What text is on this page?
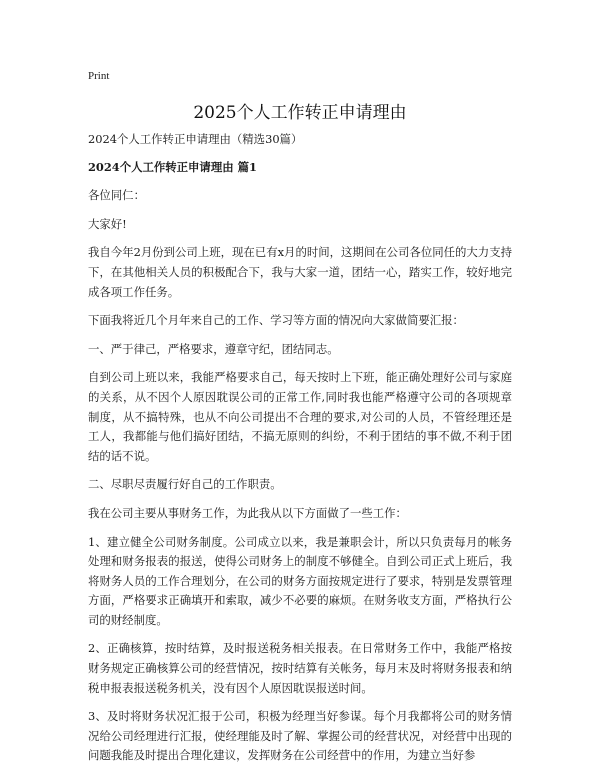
Print
2025个人工作转正申请理由

2024个人工作转正申请理由（精选30篇）

2024个人工作转正申请理由 篇1

各位同仁：

大家好!

我自今年2月份到公司上班，现在已有x月的时间，这期间在公司各位同任的大力支持下，在其他相关人员的积极配合下，我与大家一道，团结一心，踏实工作，较好地完成各项工作任务。

下面我将近几个月年来自己的工作、学习等方面的情况向大家做简要汇报：

一、严于律己，严格要求，遵章守纪，团结同志。

自到公司上班以来，我能严格要求自己，每天按时上下班，能正确处理好公司与家庭的关系，从不因个人原因耽误公司的正常工作,同时我也能严格遵守公司的各项规章制度，从不搞特殊，也从不向公司提出不合理的要求,对公司的人员，不管经理还是工人，我都能与他们搞好团结，不搞无原则的纠纷，不利于团结的事不做,不利于团结的话不说。

二、尽职尽责履行好自己的工作职责。

我在公司主要从事财务工作，为此我从以下方面做了一些工作：

1、建立健全公司财务制度。公司成立以来，我是兼职会计，所以只负责每月的帐务处理和财务报表的报送，使得公司财务上的制度不够健全。自到公司正式上班后，我将财务人员的工作合理划分，在公司的财务方面按规定进行了要求，特别是发票管理方面，严格要求正确填开和索取，减少不必要的麻烦。在财务收支方面，严格执行公司的财经制度。

2、正确核算，按时结算，及时报送税务相关报表。在日常财务工作中，我能严格按财务规定正确核算公司的经营情况，按时结算有关帐务，每月末及时将财务报表和纳税申报表报送税务机关，没有因个人原因耽误报送时间。

3、及时将财务状况汇报于公司，积极为经理当好参谋。每个月我都将公司的财务情况给公司经理进行汇报，使经理能及时了解、掌握公司的经营状况，对经营中出现的问题我能及时提出合理化建议，发挥财务在公司经营中的作用，为建立当好参
